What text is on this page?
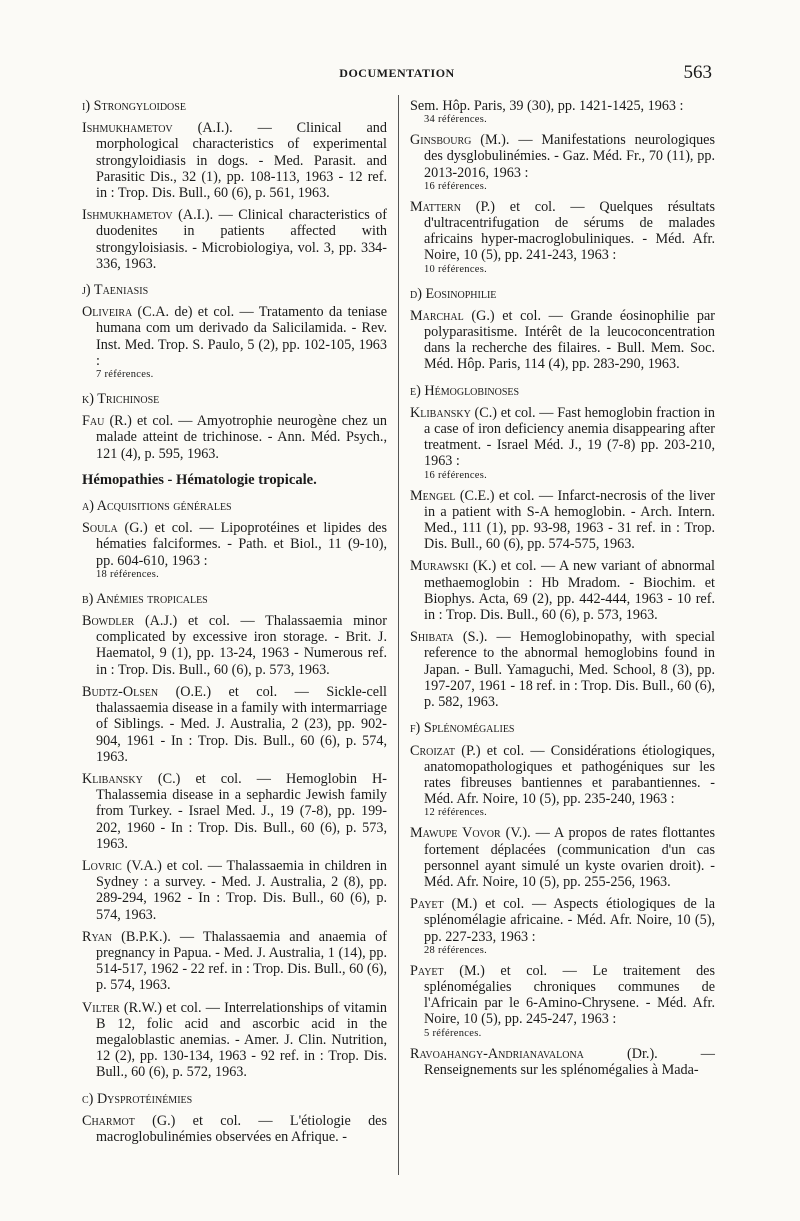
DOCUMENTATION	563
i) Strongyloidose
Ishmukhametov (A.I.). — Clinical and morphological characteristics of experimental strongyloidiasis in dogs. - Med. Parasit. and Parasitic Dis., 32 (1), pp. 108-113, 1963 - 12 ref. in : Trop. Dis. Bull., 60 (6), p. 561, 1963.
Ishmukhametov (A.I.). — Clinical characteristics of duodenites in patients affected with strongyloisiasis. - Microbiologiya, vol. 3, pp. 334-336, 1963.
j) Taeniasis
Oliveira (C.A. de) et col. — Tratamento da teniase humana com um derivado da Salicilamida. - Rev. Inst. Med. Trop. S. Paulo, 5 (2), pp. 102-105, 1963 :
7 références.
k) Trichinose
Fau (R.) et col. — Amyotrophie neurogène chez un malade atteint de trichinose. - Ann. Méd. Psych., 121 (4), p. 595, 1963.
Hémopathies - Hématologie tropicale.
a) Acquisitions générales
Soula (G.) et col. — Lipoprotéines et lipides des hématies falciformes. - Path. et Biol., 11 (9-10), pp. 604-610, 1963 :
18 références.
b) Anémies tropicales
Bowdler (A.J.) et col. — Thalassaemia minor complicated by excessive iron storage. - Brit. J. Haematol, 9 (1), pp. 13-24, 1963 - Numerous ref. in : Trop. Dis. Bull., 60 (6), p. 573, 1963.
Budtz-Olsen (O.E.) et col. — Sickle-cell thalassaemia disease in a family with intermarriage of Siblings. - Med. J. Australia, 2 (23), pp. 902-904, 1961 - In : Trop. Dis. Bull., 60 (6), p. 574, 1963.
Klibansky (C.) et col. — Hemoglobin H-Thalassemia disease in a sephardic Jewish family from Turkey. - Israel Med. J., 19 (7-8), pp. 199-202, 1960 - In : Trop. Dis. Bull., 60 (6), p. 573, 1963.
Lovric (V.A.) et col. — Thalassaemia in children in Sydney : a survey. - Med. J. Australia, 2 (8), pp. 289-294, 1962 - In : Trop. Dis. Bull., 60 (6), p. 574, 1963.
Ryan (B.P.K.). — Thalassaemia and anaemia of pregnancy in Papua. - Med. J. Australia, 1 (14), pp. 514-517, 1962 - 22 ref. in : Trop. Dis. Bull., 60 (6), p. 574, 1963.
Vilter (R.W.) et col. — Interrelationships of vitamin B 12, folic acid and ascorbic acid in the megaloblastic anemias. - Amer. J. Clin. Nutrition, 12 (2), pp. 130-134, 1963 - 92 ref. in : Trop. Dis. Bull., 60 (6), p. 572, 1963.
c) Dysprotéinémies
Charmot (G.) et col. — L'étiologie des macroglobulinémies observées en Afrique. -
Sem. Hôp. Paris, 39 (30), pp. 1421-1425, 1963 :
34 références.
Ginsbourg (M.). — Manifestations neurologiques des dysglobulinémies. - Gaz. Méd. Fr., 70 (11), pp. 2013-2016, 1963 :
16 références.
Mattern (P.) et col. — Quelques résultats d'ultracentrifugation de sérums de malades africains hyper-macroglobuliniques. - Méd. Afr. Noire, 10 (5), pp. 241-243, 1963 :
10 références.
d) Eosinophilie
Marchal (G.) et col. — Grande éosinophilie par polyparasitisme. Intérêt de la leucoconcentration dans la recherche des filaires. - Bull. Mem. Soc. Méd. Hôp. Paris, 114 (4), pp. 283-290, 1963.
e) Hémoglobinoses
Klibansky (C.) et col. — Fast hemoglobin fraction in a case of iron deficiency anemia disappearing after treatment. - Israel Méd. J., 19 (7-8) pp. 203-210, 1963 :
16 références.
Mengel (C.E.) et col. — Infarct-necrosis of the liver in a patient with S-A hemoglobin. - Arch. Intern. Med., 111 (1), pp. 93-98, 1963 - 31 ref. in : Trop. Dis. Bull., 60 (6), pp. 574-575, 1963.
Murawski (K.) et col. — A new variant of abnormal methaemoglobin : Hb Mradom. - Biochim. et Biophys. Acta, 69 (2), pp. 442-444, 1963 - 10 ref. in : Trop. Dis. Bull., 60 (6), p. 573, 1963.
Shibata (S.). — Hemoglobinopathy, with special reference to the abnormal hemoglobins found in Japan. - Bull. Yamaguchi, Med. School, 8 (3), pp. 197-207, 1961 - 18 ref. in : Trop. Dis. Bull., 60 (6), p. 582, 1963.
f) Splénomégalies
Croizat (P.) et col. — Considérations étiologiques, anatomopathologiques et pathogéniques sur les rates fibreuses bantiennes et parabantiennes. - Méd. Afr. Noire, 10 (5), pp. 235-240, 1963 :
12 références.
Mawupe Vovor (V.). — A propos de rates flottantes fortement déplacées (communication d'un cas personnel ayant simulé un kyste ovarien droit). - Méd. Afr. Noire, 10 (5), pp. 255-256, 1963.
Payet (M.) et col. — Aspects étiologiques de la splénomélagie africaine. - Méd. Afr. Noire, 10 (5), pp. 227-233, 1963 :
28 références.
Payet (M.) et col. — Le traitement des splénomégalies chroniques communes de l'Africain par le 6-Amino-Chrysene. - Méd. Afr. Noire, 10 (5), pp. 245-247, 1963 :
5 références.
Ravoahangy-Andrianavalona (Dr.). — Renseignements sur les splénomégalies à Mada-
